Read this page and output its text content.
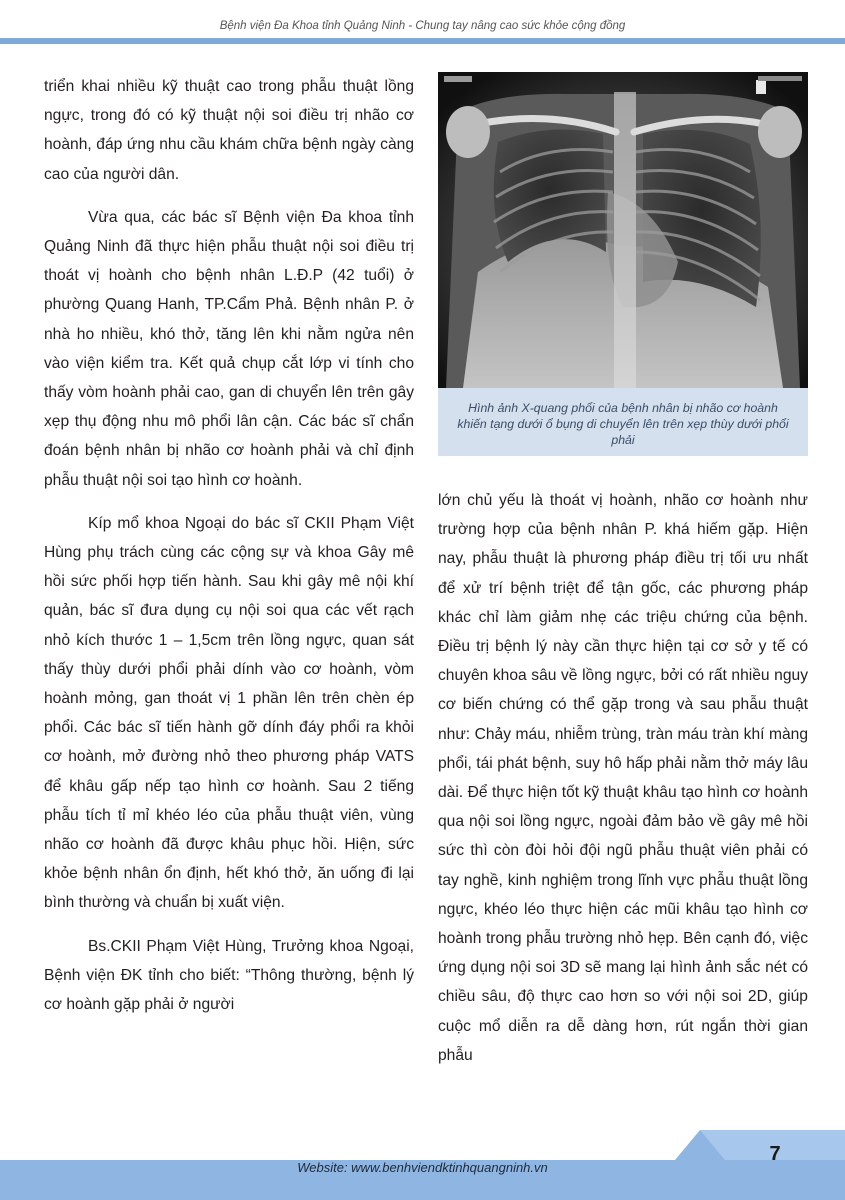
Bệnh viện Đa Khoa tỉnh Quảng Ninh - Chung tay nâng cao sức khỏe cộng đồng

triển khai nhiều kỹ thuật cao trong phẫu thuật lồng ngực, trong đó có kỹ thuật nội soi điều trị nhão cơ hoành, đáp ứng nhu cầu khám chữa bệnh ngày càng cao của người dân.

Vừa qua, các bác sĩ Bệnh viện Đa khoa tỉnh Quảng Ninh đã thực hiện phẫu thuật nội soi điều trị thoát vị hoành cho bệnh nhân L.Đ.P (42 tuổi) ở phường Quang Hanh, TP.Cẩm Phả. Bệnh nhân P. ở nhà ho nhiều, khó thở, tăng lên khi nằm ngửa nên vào viện kiểm tra. Kết quả chụp cắt lớp vi tính cho thấy vòm hoành phải cao, gan di chuyển lên trên gây xẹp thụ động nhu mô phổi lân cận. Các bác sĩ chẩn đoán bệnh nhân bị nhão cơ hoành phải và chỉ định phẫu thuật nội soi tạo hình cơ hoành.

Kíp mổ khoa Ngoại do bác sĩ CKII Phạm Việt Hùng phụ trách cùng các cộng sự và khoa Gây mê hồi sức phối hợp tiến hành. Sau khi gây mê nội khí quản, bác sĩ đưa dụng cụ nội soi qua các vết rạch nhỏ kích thước 1 – 1,5cm trên lồng ngực, quan sát thấy thùy dưới phổi phải dính vào cơ hoành, vòm hoành mỏng, gan thoát vị 1 phần lên trên chèn ép phổi. Các bác sĩ tiến hành gỡ dính đáy phổi ra khỏi cơ hoành, mở đường nhỏ theo phương pháp VATS để khâu gấp nếp tạo hình cơ hoành. Sau 2 tiếng phẫu tích tỉ mỉ khéo léo của phẫu thuật viên, vùng nhão cơ hoành đã được khâu phục hồi. Hiện, sức khỏe bệnh nhân ổn định, hết khó thở, ăn uống đi lại bình thường và chuẩn bị xuất viện.

Bs.CKII Phạm Việt Hùng, Trưởng khoa Ngoại, Bệnh viện ĐK tỉnh cho biết: “Thông thường, bệnh lý cơ hoành gặp phải ở người

Hình ảnh X-quang phổi của bệnh nhân bị nhão cơ hoành khiến tạng dưới ổ bụng di chuyển lên trên xẹp thùy dưới phổi phải

lớn chủ yếu là thoát vị hoành, nhão cơ hoành như trường hợp của bệnh nhân P. khá hiếm gặp. Hiện nay, phẫu thuật là phương pháp điều trị tối ưu nhất để xử trí bệnh triệt để tận gốc, các phương pháp khác chỉ làm giảm nhẹ các triệu chứng của bệnh. Điều trị bệnh lý này cần thực hiện tại cơ sở y tế có chuyên khoa sâu về lồng ngực, bởi có rất nhiều nguy cơ biến chứng có thể gặp trong và sau phẫu thuật như: Chảy máu, nhiễm trùng, tràn máu tràn khí màng phổi, tái phát bệnh, suy hô hấp phải nằm thở máy lâu dài. Để thực hiện tốt kỹ thuật khâu tạo hình cơ hoành qua nội soi lồng ngực, ngoài đảm bảo về gây mê hồi sức thì còn đòi hỏi đội ngũ phẫu thuật viên phải có tay nghề, kinh nghiệm trong lĩnh vực phẫu thuật lồng ngực, khéo léo thực hiện các mũi khâu tạo hình cơ hoành trong phẫu trường nhỏ hẹp. Bên cạnh đó, việc ứng dụng nội soi 3D sẽ mang lại hình ảnh sắc nét có chiều sâu, độ thực cao hơn so với nội soi 2D, giúp cuộc mổ diễn ra dễ dàng hơn, rút ngắn thời gian phẫu

Website: www.benhviendktinhquangninh.vn
7
